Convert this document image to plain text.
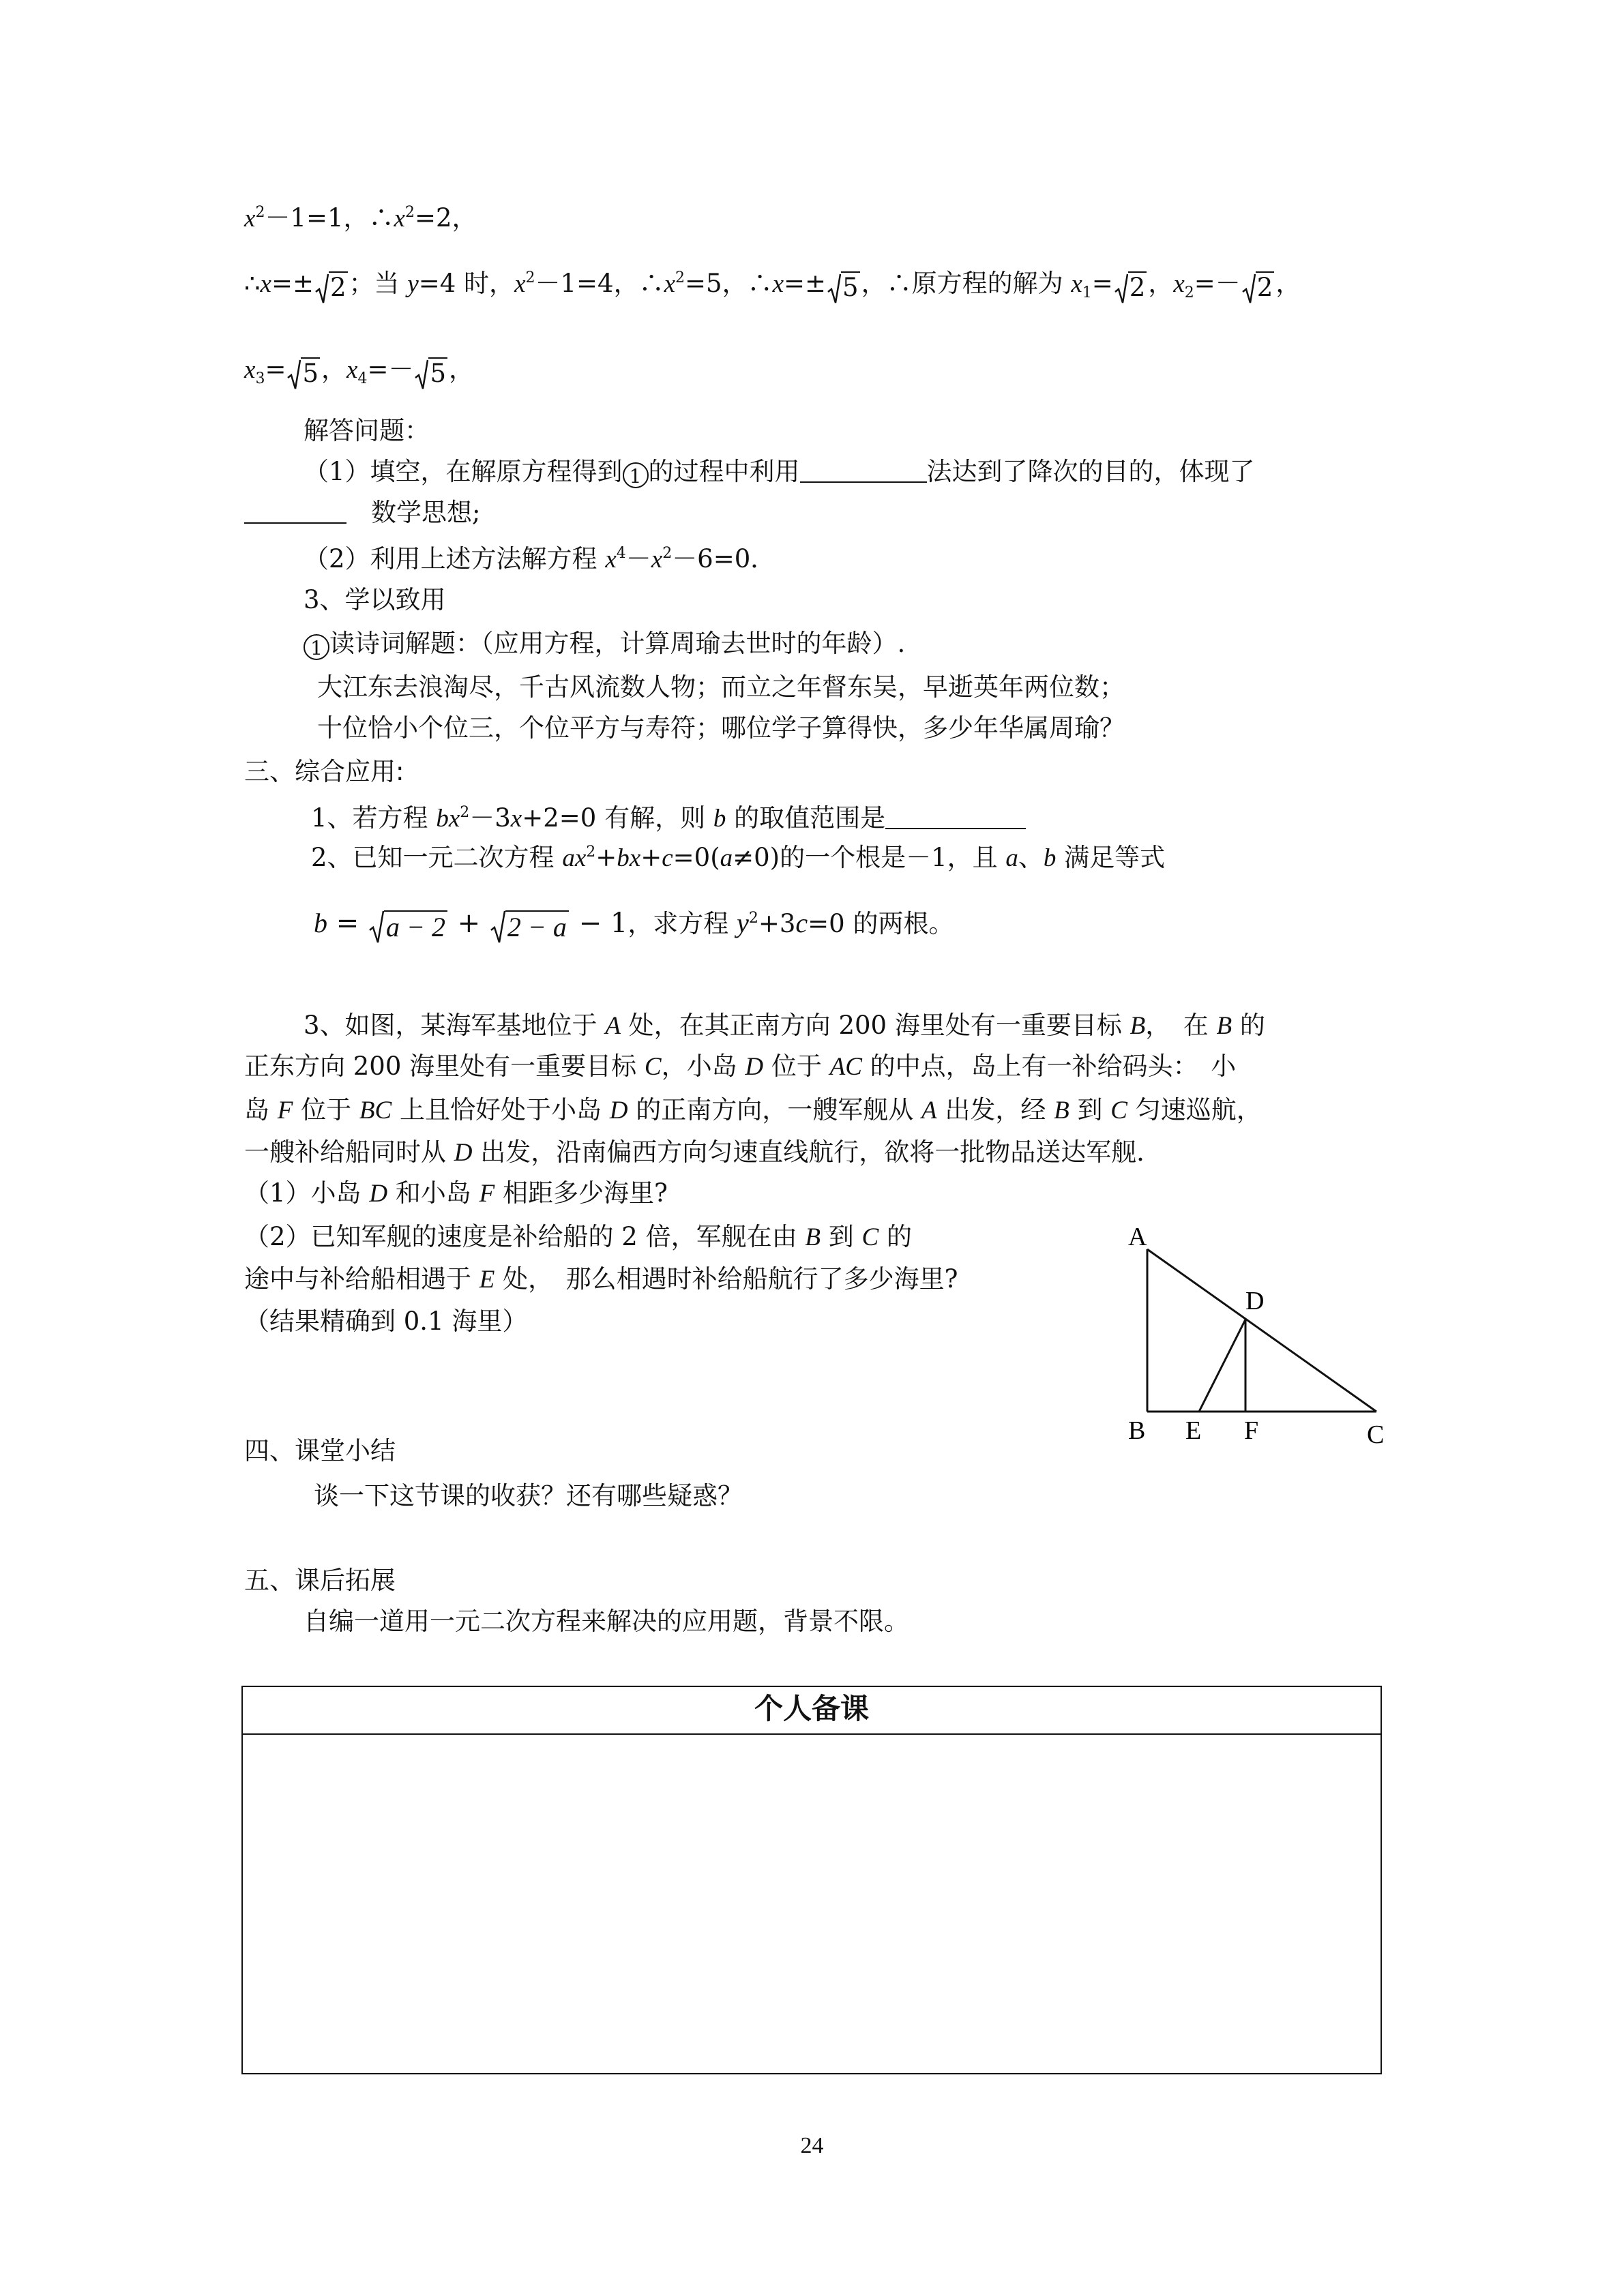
$x^2-1=1$，$\therefore x^2=2$，
∴x=± 2 ；当 y=4 时，$x^2-1=4$，$\therefore x^2=5$，∴x=± 5 ，∴原方程的解为 $x_1= 2$ ，$x_2=- 2$ ，
$x_3= 5$ ，$x_4=- 5$ ，
解答问题：
（1）填空，在解原方程得到 1 的过程中利用	法达到了降次的目的，体现了
数学思想;
（2）利用上述方法解方程 $x^4-x^2-6=0$．
3、学以致用
1 读诗词解题：（应用方程，计算周瑜去世时的年龄）.
大江东去浪淘尽，千古风流数人物；而立之年督东吴，早逝英年两位数；
十位恰小个位三，个位平方与寿符；哪位学子算得快，多少年华属周瑜？
三、综合应用:
1、若方程 $bx^2-3x+2=0$ 有解，则 b 的取值范围是
2、已知一元二次方程 $ax^2+bx+c=0(a\ne 0)$的一个根是－1，且 a、b 满足等式
b = a − 2 + 2 − a − 1，求方程 $y^2+3c=0$ 的两根。
3、如图，某海军基地位于 A 处，在其正南方向 200 海里处有一重要目标 B，　在 B 的
正东方向 200 海里处有一重要目标 C，小岛 D 位于 AC 的中点，岛上有一补给码头：　小
岛 F 位于 BC 上且恰好处于小岛 D 的正南方向，一艘军舰从 A 出发，经 B 到 C 匀速巡航，
一艘补给船同时从 D 出发，沿南偏西方向匀速直线航行，欲将一批物品送达军舰．
（1）小岛 D 和小岛 F 相距多少海里?
（2）已知军舰的速度是补给船的 2 倍，军舰在由 B 到 C 的
途中与补给船相遇于 E 处，　那么相遇时补给船航行了多少海里?
（结果精确到 0.1 海里）
A
D
B E F	C
四、课堂小结
谈一下这节课的收获？还有哪些疑惑？
五、课后拓展
自编一道用一元二次方程来解决的应用题，背景不限。
个人备课
24
